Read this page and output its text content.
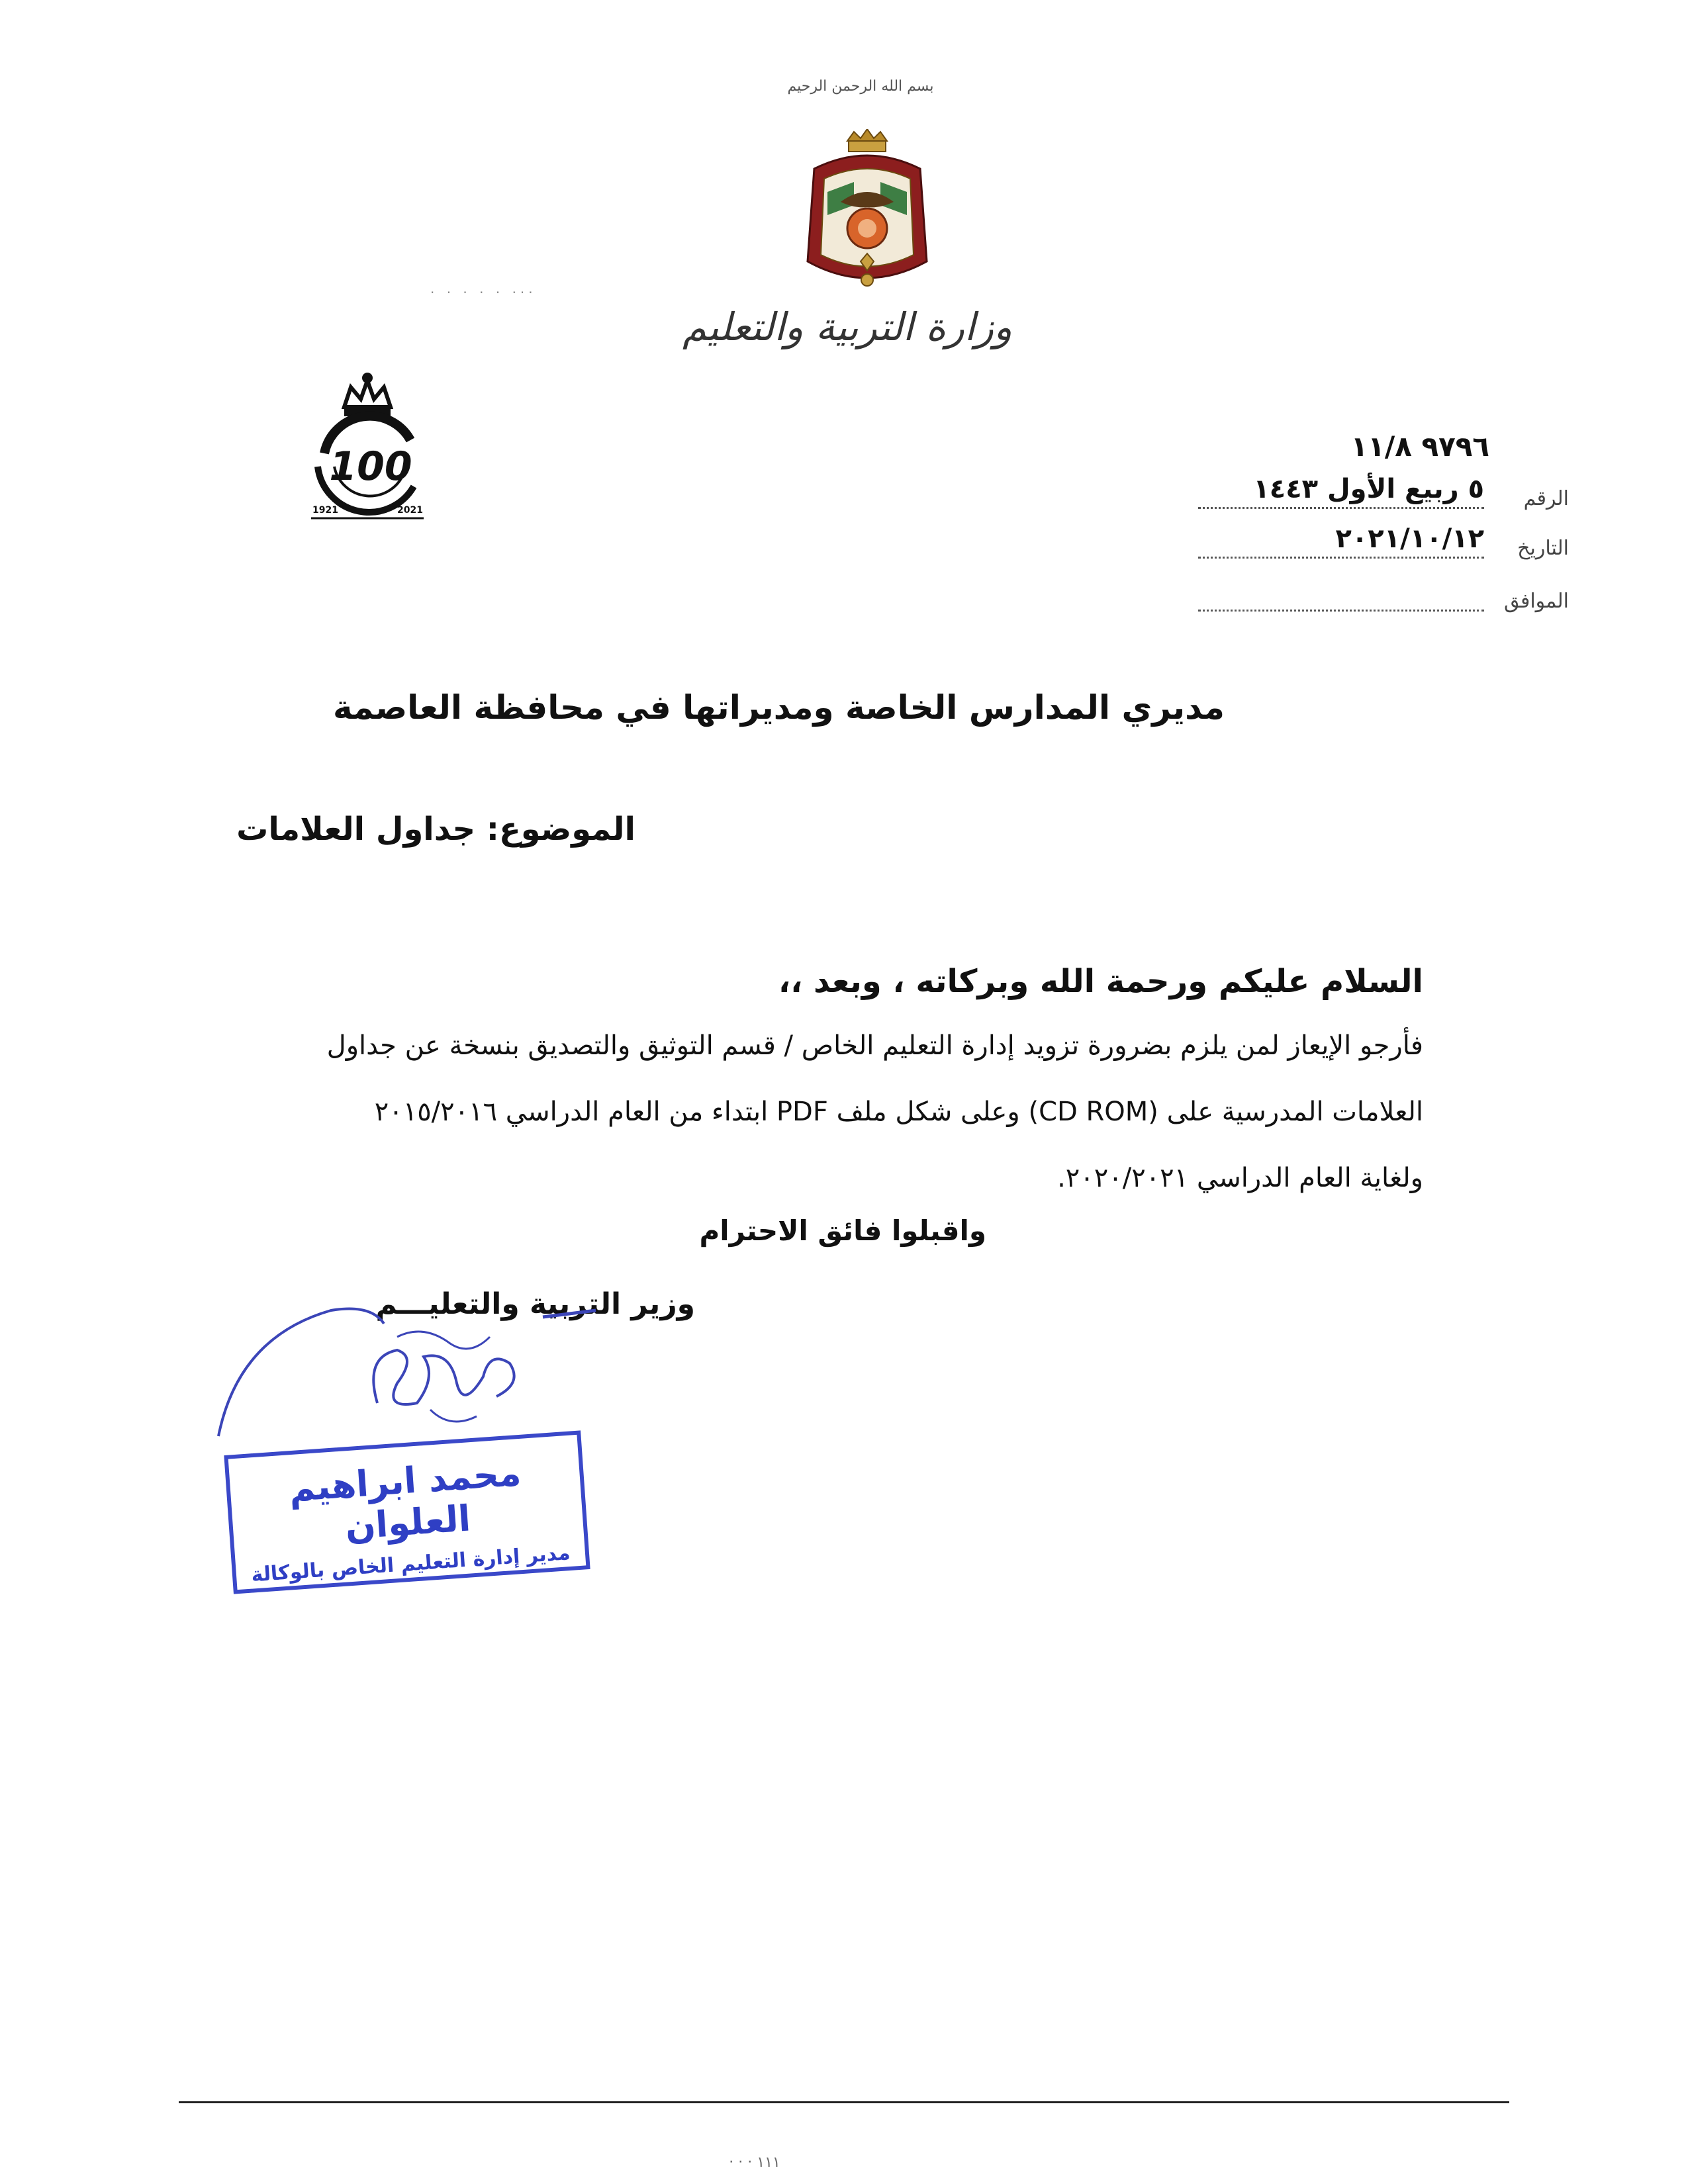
بسم الله الرحمن الرحيم
وزارة التربية والتعليم
· · · · · ···
100
1921	2021
٩٧٩٦ ١١/٨
الرقم
٥ ربيع الأول ١٤٤٣
التاريخ
٢٠٢١/١٠/١٢
الموافق
مديري المدارس الخاصة ومديراتها في محافظة العاصمة
الموضوع: جداول العلامات
السلام عليكم ورحمة الله وبركاته ، وبعد ،،
فأرجو الإيعاز لمن يلزم بضرورة تزويد إدارة التعليم الخاص / قسم التوثيق والتصديق بنسخة عن جداول
العلامات المدرسية على (CD ROM) وعلى شكل ملف PDF ابتداء من العام الدراسي ٢٠١٥/٢٠١٦
ولغاية العام الدراسي ٢٠٢٠/٢٠٢١.
واقبلوا فائق الاحترام
وزير التربية والتعليـــم
محمد ابراهيم العلوان
مدير إدارة التعليم الخاص بالوكالة
· · · ١١١
